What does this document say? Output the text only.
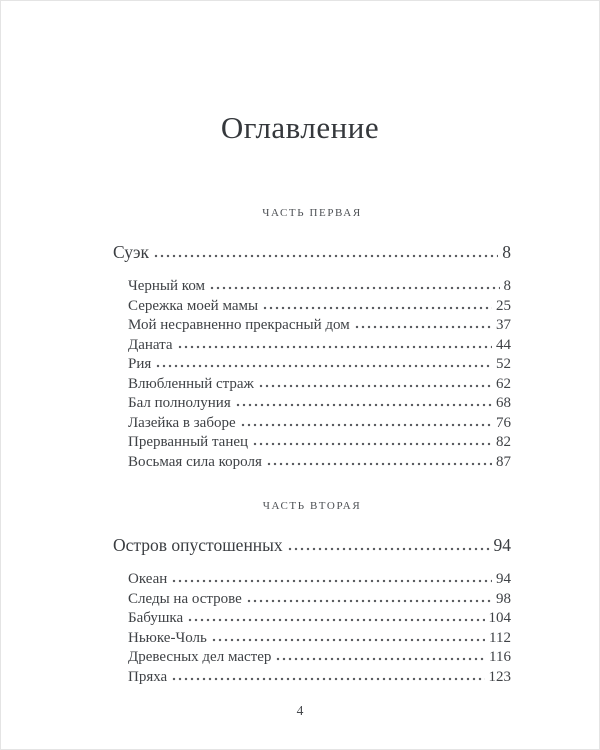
Оглавление
ЧАСТЬ ПЕРВАЯ
Суэк	8
Черный ком	8
Сережка моей мамы	25
Мой несравненно прекрасный дом	37
Даната	44
Рия	52
Влюбленный страж	62
Бал полнолуния	68
Лазейка в заборе	76
Прерванный танец	82
Восьмая сила короля	87
ЧАСТЬ ВТОРАЯ
Остров опустошенных	94
Океан	94
Следы на острове	98
Бабушка	104
Ньюке-Чоль	112
Древесных дел мастер	116
Пряха	123
4
